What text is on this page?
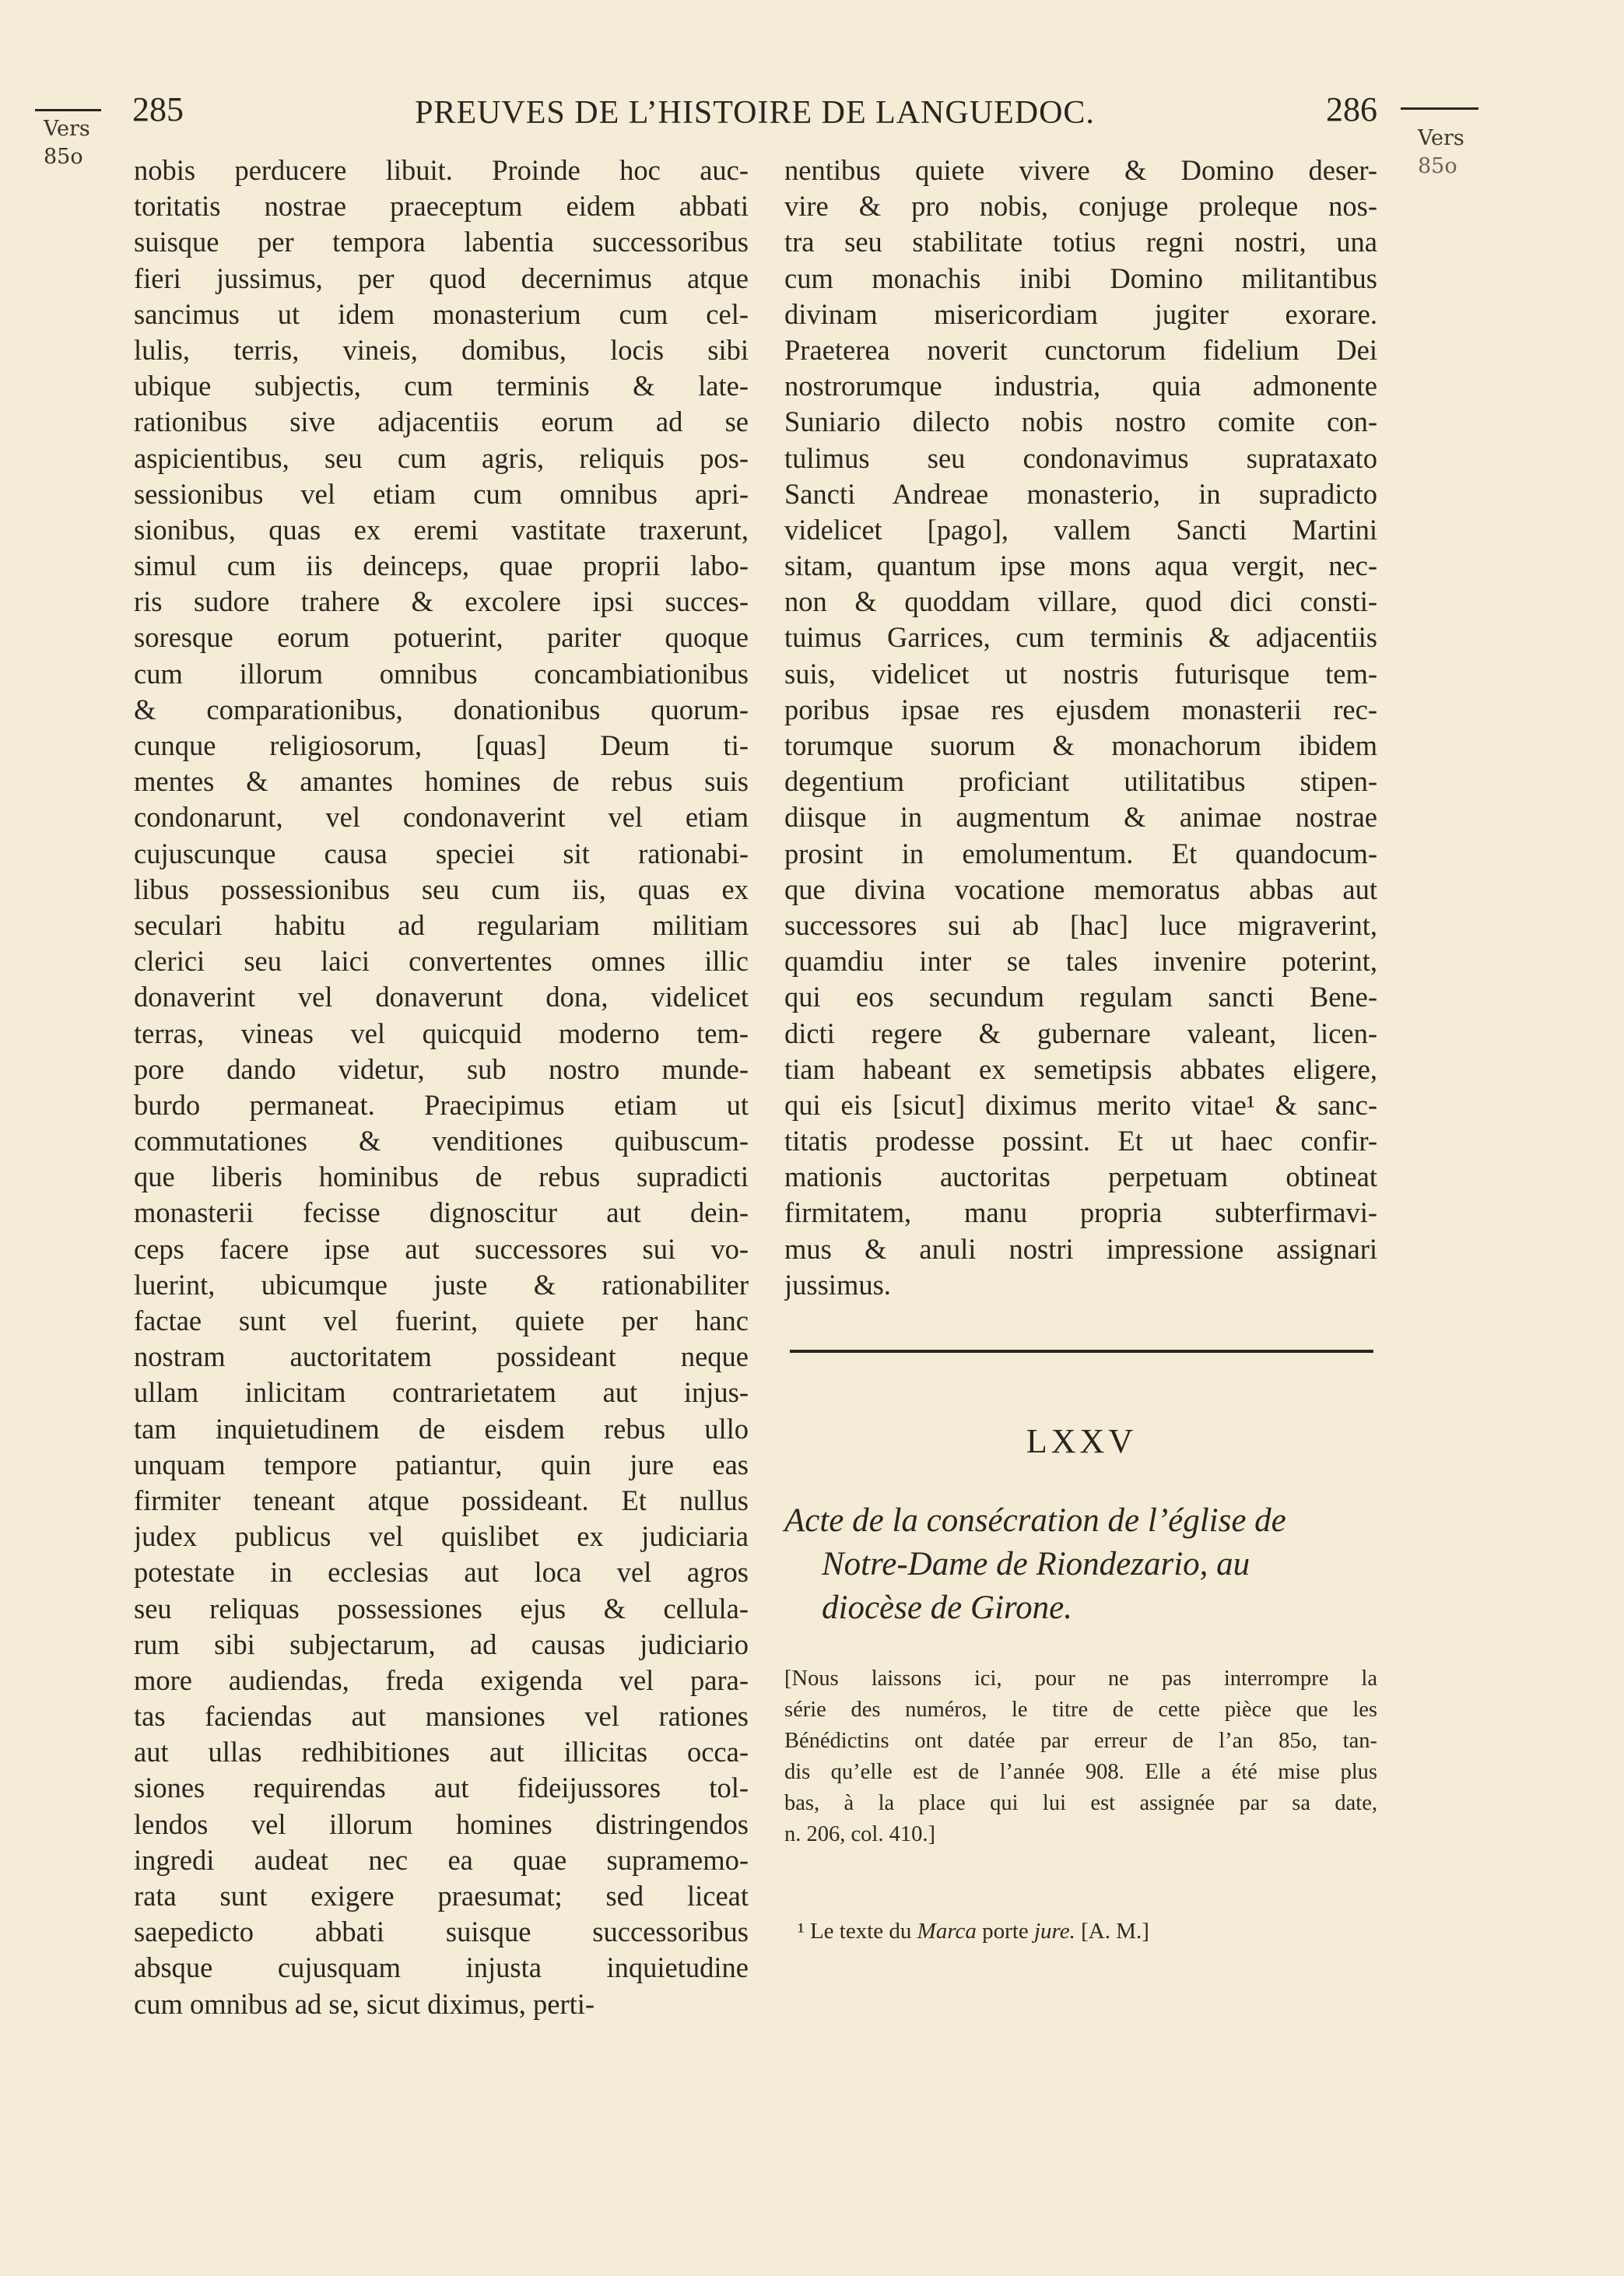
Vers
85o
Vers
85o
285	PREUVES DE L’HISTOIRE DE LANGUEDOC.	286
nobis perducere libuit. Proinde hoc auc-
toritatis nostrae praeceptum eidem abbati
suisque per tempora labentia successoribus
fieri jussimus, per quod decernimus atque
sancimus ut idem monasterium cum cel-
lulis, terris, vineis, domibus, locis sibi
ubique subjectis, cum terminis & late-
rationibus sive adjacentiis eorum ad se
aspicientibus, seu cum agris, reliquis pos-
sessionibus vel etiam cum omnibus apri-
sionibus, quas ex eremi vastitate traxerunt,
simul cum iis deinceps, quae proprii labo-
ris sudore trahere & excolere ipsi succes-
soresque eorum potuerint, pariter quoque
cum illorum omnibus concambiationibus
& comparationibus, donationibus quorum-
cunque religiosorum, [quas] Deum ti-
mentes & amantes homines de rebus suis
condonarunt, vel condonaverint vel etiam
cujuscunque causa speciei sit rationabi-
libus possessionibus seu cum iis, quas ex
seculari habitu ad regulariam militiam
clerici seu laici convertentes omnes illic
donaverint vel donaverunt dona, videlicet
terras, vineas vel quicquid moderno tem-
pore dando videtur, sub nostro munde-
burdo permaneat. Praecipimus etiam ut
commutationes & venditiones quibuscum-
que liberis hominibus de rebus supradicti
monasterii fecisse dignoscitur aut dein-
ceps facere ipse aut successores sui vo-
luerint, ubicumque juste & rationabiliter
factae sunt vel fuerint, quiete per hanc
nostram auctoritatem possideant neque
ullam inlicitam contrarietatem aut injus-
tam inquietudinem de eisdem rebus ullo
unquam tempore patiantur, quin jure eas
firmiter teneant atque possideant. Et nullus
judex publicus vel quislibet ex judiciaria
potestate in ecclesias aut loca vel agros
seu reliquas possessiones ejus & cellula-
rum sibi subjectarum, ad causas judiciario
more audiendas, freda exigenda vel para-
tas faciendas aut mansiones vel rationes
aut ullas redhibitiones aut illicitas occa-
siones requirendas aut fideijussores tol-
lendos vel illorum homines distringendos
ingredi audeat nec ea quae supramemo-
rata sunt exigere praesumat; sed liceat
saepedicto abbati suisque successoribus
absque cujusquam injusta inquietudine
cum omnibus ad se, sicut diximus, perti-
nentibus quiete vivere & Domino deser-
vire & pro nobis, conjuge proleque nos-
tra seu stabilitate totius regni nostri, una
cum monachis inibi Domino militantibus
divinam misericordiam jugiter exorare.
Praeterea noverit cunctorum fidelium Dei
nostrorumque industria, quia admonente
Suniario dilecto nobis nostro comite con-
tulimus seu condonavimus suprataxato
Sancti Andreae monasterio, in supradicto
videlicet [pago], vallem Sancti Martini
sitam, quantum ipse mons aqua vergit, nec-
non & quoddam villare, quod dici consti-
tuimus Garrices, cum terminis & adjacentiis
suis, videlicet ut nostris futurisque tem-
poribus ipsae res ejusdem monasterii rec-
torumque suorum & monachorum ibidem
degentium proficiant utilitatibus stipen-
diisque in augmentum & animae nostrae
prosint in emolumentum. Et quandocum-
que divina vocatione memoratus abbas aut
successores sui ab [hac] luce migraverint,
quamdiu inter se tales invenire poterint,
qui eos secundum regulam sancti Bene-
dicti regere & gubernare valeant, licen-
tiam habeant ex semetipsis abbates eligere,
qui eis [sicut] diximus merito vitae¹ & sanc-
titatis prodesse possint. Et ut haec confir-
mationis auctoritas perpetuam obtineat
firmitatem, manu propria subterfirmavi-
mus & anuli nostri impressione assignari
jussimus.
LXXV
Acte de la consécration de l’église de
Notre-Dame de Riondezario, au
diocèse de Girone.
[Nous laissons ici, pour ne pas interrompre la
série des numéros, le titre de cette pièce que les
Bénédictins ont datée par erreur de l’an 85o, tan-
dis qu’elle est de l’année 908. Elle a été mise plus
bas, à la place qui lui est assignée par sa date,
n. 206, col. 410.]
¹ Le texte du Marca porte jure. [A. M.]
